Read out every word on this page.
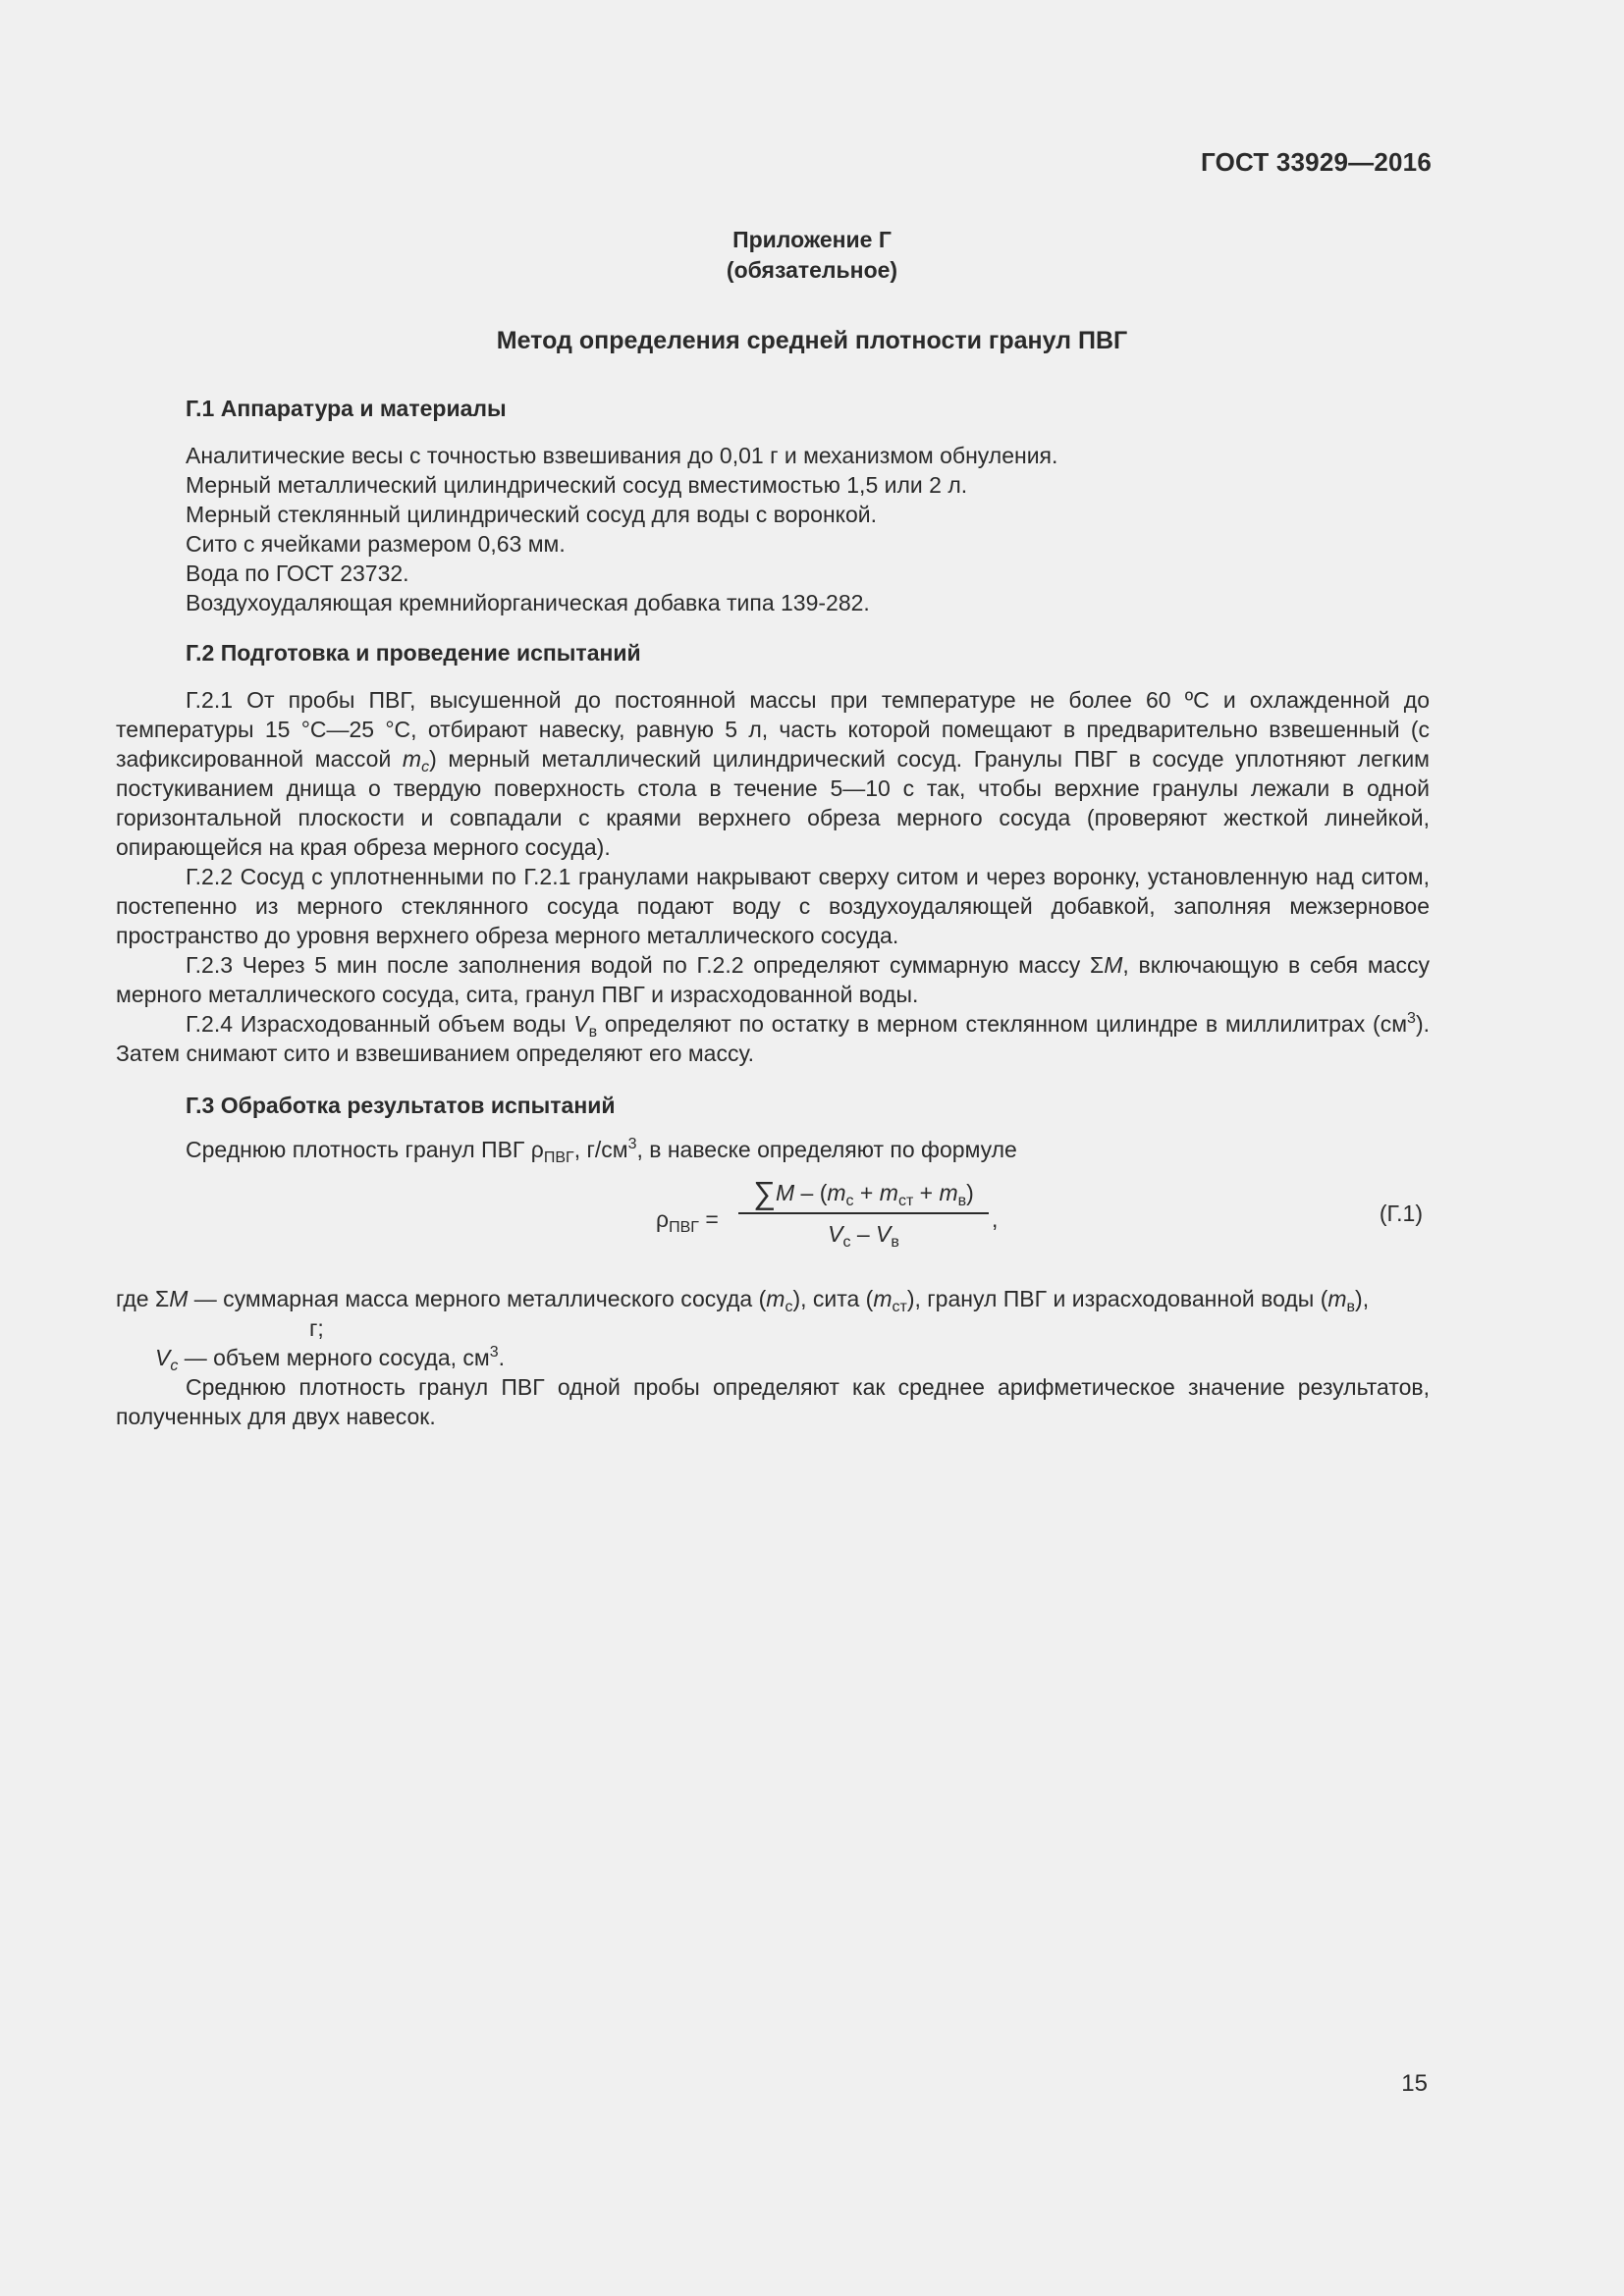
ГОСТ 33929—2016
Приложение Г
(обязательное)
Метод определения средней плотности гранул ПВГ
Г.1 Аппаратура и материалы

Аналитические весы с точностью взвешивания до 0,01 г и механизмом обнуления.

Мерный металлический цилиндрический сосуд вместимостью 1,5 или 2 л.

Мерный стеклянный цилиндрический сосуд для воды с воронкой.

Сито с ячейками размером 0,63 мм.

Вода по ГОСТ 23732.

Воздухоудаляющая кремнийорганическая добавка типа 139-282.

Г.2 Подготовка и проведение испытаний

Г.2.1 От пробы ПВГ, высушенной до постоянной массы при температуре не более 60 ºС и охлажденной до температуры 15 °С—25 °С, отбирают навеску, равную 5 л, часть которой помещают в предварительно взвешенный (с зафиксированной массой $m_c$) мерный металлический цилиндрический сосуд. Гранулы ПВГ в сосуде уплотняют легким постукиванием днища о твердую поверхность стола в течение 5—10 с так, чтобы верхние гранулы лежали в одной горизонтальной плоскости и совпадали с краями верхнего обреза мерного сосуда (проверяют жесткой линейкой, опирающейся на края обреза мерного сосуда).

Г.2.2 Сосуд с уплотненными по Г.2.1 гранулами накрывают сверху ситом и через воронку, установленную над ситом, постепенно из мерного стеклянного сосуда подают воду с воздухоудаляющей добавкой, заполняя межзерновое пространство до уровня верхнего обреза мерного металлического сосуда.

Г.2.3 Через 5 мин после заполнения водой по Г.2.2 определяют суммарную массу ΣM, включающую в себя массу мерного металлического сосуда, сита, гранул ПВГ и израсходованной воды.

Г.2.4 Израсходованный объем воды $V_в$ определяют по остатку в мерном стеклянном цилиндре в миллилитрах $(см^3)$. Затем снимают сито и взвешиванием определяют его массу.

Г.3 Обработка результатов испытаний

Среднюю плотность гранул ПВГ $\rho_{ПВГ}$, $г/см^3$, в навеске определяют по формуле

$\rho_{ПВГ}$ =
$\sum M - (m_с + m_{ст} + m_в)$
$V_с - V_в$
,	(Г.1)

где ΣM — суммарная масса мерного металлического сосуда $(m_с)$, сита $(m_{ст})$, гранул ПВГ и израсходованной воды $(m_в)$,

г;

$V_c$ — объем мерного сосуда, $см^3$.

Среднюю плотность гранул ПВГ одной пробы определяют как среднее арифметическое значение результатов, полученных для двух навесок.

15
